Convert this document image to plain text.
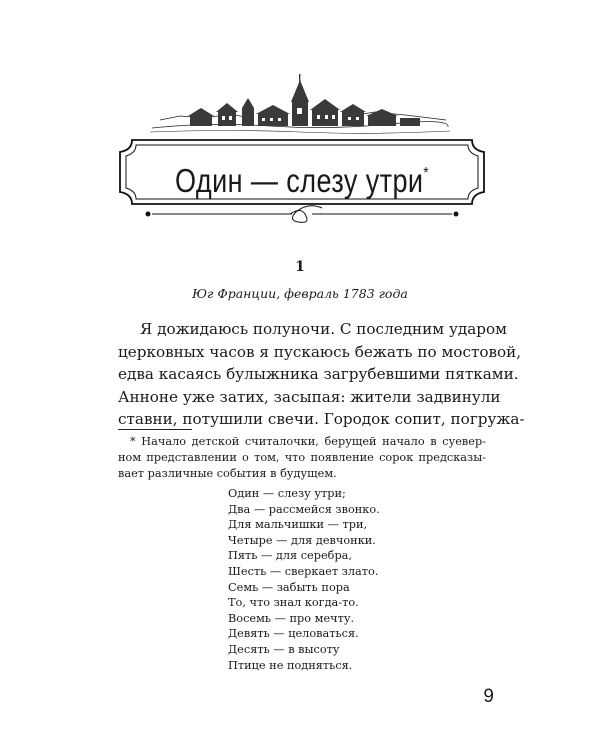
Один — слезу утри*
1
Юг Франции, февраль 1783 года
Я дожидаюсь полуночи. С последним ударом
церковных часов я пускаюсь бежать по мостовой,
едва касаясь булыжника загрубевшими пятками.
Анноне уже затих, засыпая: жители задвинули
ставни, потушили свечи. Городок сопит, погружа-
* Начало детской считалочки, берущей начало в суевер-
ном представлении о том, что появление сорок предсказы-
вает различные события в будущем.
Один — слезу утри;
Два — рассмейся звонко.
Для мальчишки — три,
Четыре — для девчонки.
Пять — для серебра,
Шесть — сверкает злато.
Семь — забыть пора
То, что знал когда-то.
Восемь — про мечту.
Девять — целоваться.
Десять — в высоту
Птице не подняться.
9
